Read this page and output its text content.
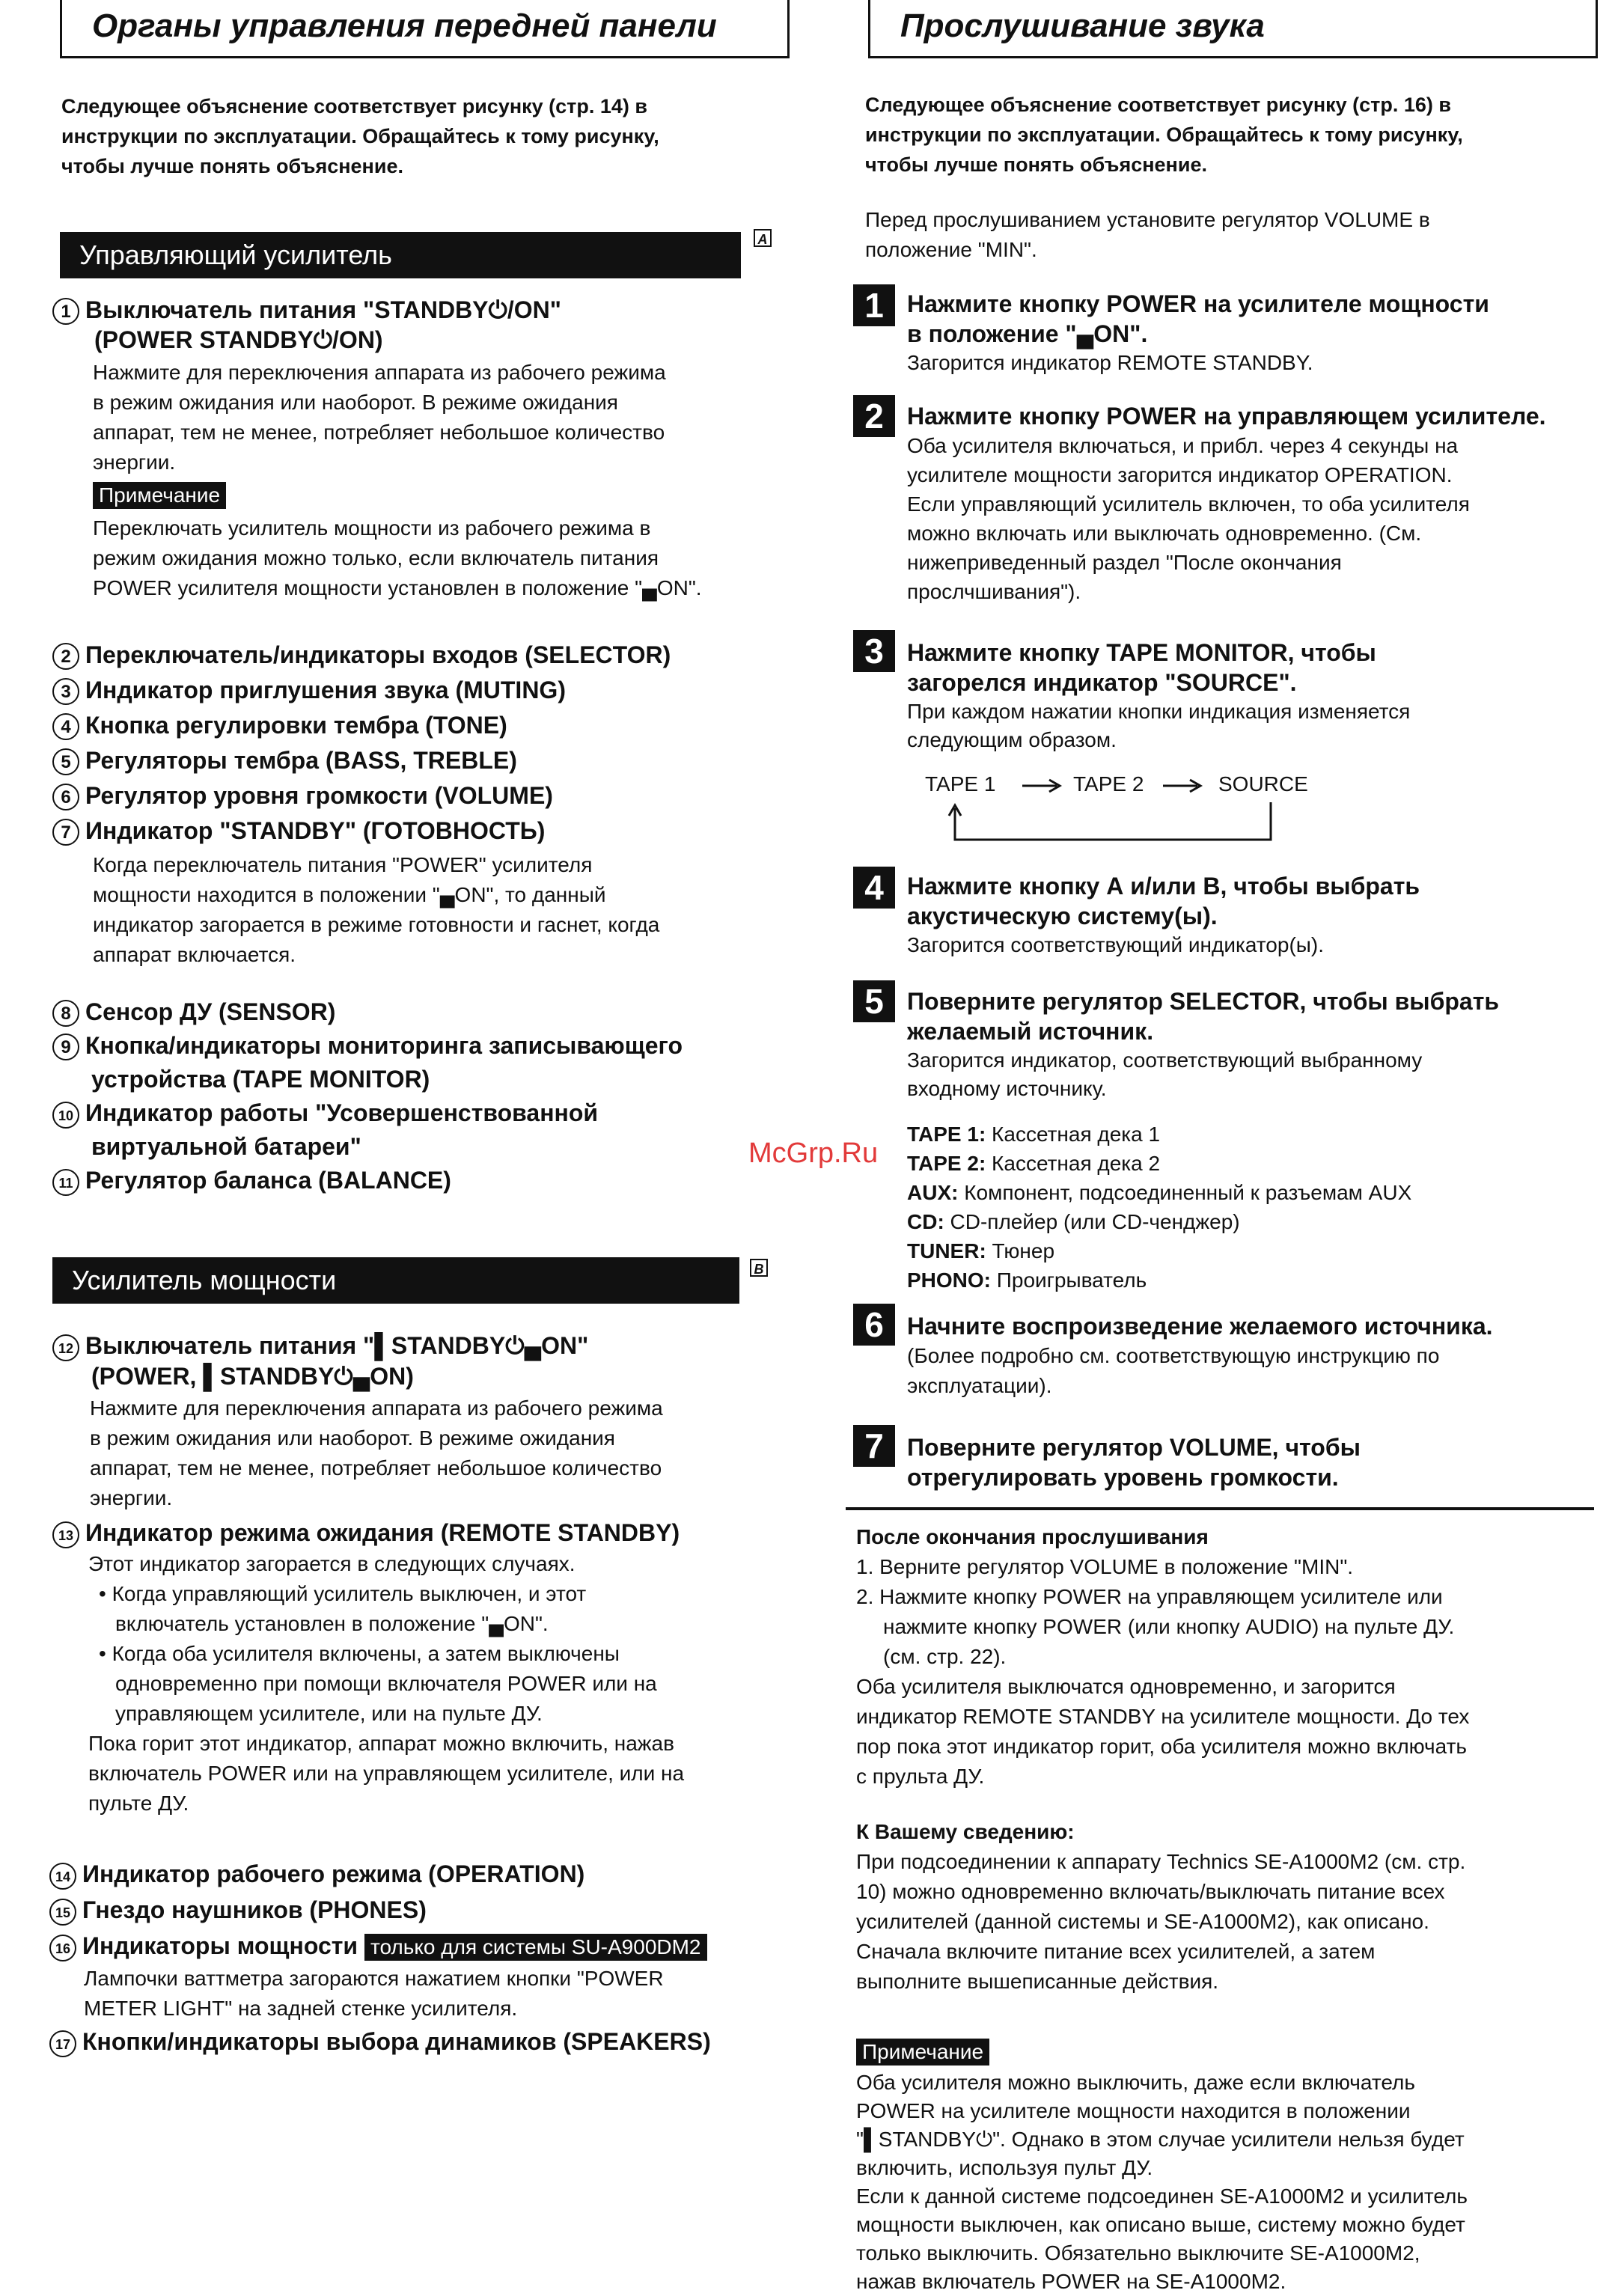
Органы управления передней панели
Следующее объяснение соответствует рисунку (стр. 14) в
инструкции по эксплуатации. Обращайтесь к тому рисунку,
чтобы лучше понять объяснение.
Управляющий усилитель	A
1 Выключатель питания "STANDBY⏻/ON"
(POWER STANDBY⏻/ON)
Нажмите для переключения аппарата из рабочего режима
в режим ожидания или наоборот. В режиме ожидания
аппарат, тем не менее, потребляет небольшое количество
энергии.
Примечание
Переключать усилитель мощности из рабочего режима в
режим ожидания можно только, если включатель питания
POWER усилителя мощности установлен в положение "▄ON".
2 Переключатель/индикаторы входов (SELECTOR)
3 Индикатор приглушения звука (MUTING)
4 Кнопка регулировки тембра (TONE)
5 Регуляторы тембра (BASS, TREBLE)
6 Регулятор уровня громкости (VOLUME)
7 Индикатор "STANDBY" (ГОТОВНОСТЬ)
Когда переключатель питания "POWER" усилителя
мощности находится в положении "▄ON", то данный
индикатор загорается в режиме готовности и гаснет, когда
аппарат включается.
8 Сенсор ДУ (SENSOR)
9 Кнопка/индикаторы мониторинга записывающего
устройства (TAPE MONITOR)
10 Индикатор работы "Усовершенствованной
виртуальной батареи"
11 Регулятор баланса (BALANCE)
Усилитель мощности	B
12 Выключатель питания "▌STANDBY⏻▄ON"
(POWER, ▌STANDBY⏻▄ON)
Нажмите для переключения аппарата из рабочего режима
в режим ожидания или наоборот. В режиме ожидания
аппарат, тем не менее, потребляет небольшое количество
энергии.
13 Индикатор режима ожидания (REMOTE STANDBY)
Этот индикатор загорается в следующих случаях.
• Когда управляющий усилитель выключен, и этот
включатель установлен в положение "▄ON".
• Когда оба усилителя включены, а затем выключены
одновременно при помощи включателя POWER или на
управляющем усилителе, или на пульте ДУ.
Пока горит этот индикатор, аппарат можно включить, нажав
включатель POWER или на управляющем усилителе, или на
пульте ДУ.
14 Индикатор рабочего режима (OPERATION)
15 Гнездо наушников (PHONES)
16 Индикаторы мощности только для системы SU-A900DM2
Лампочки ваттметра загораются нажатием кнопки "POWER
METER LIGHT" на задней стенке усилителя.
17 Кнопки/индикаторы выбора динамиков (SPEAKERS)
McGrp.Ru
Прослушивание звука
Следующее объяснение соответствует рисунку (стр. 16) в
инструкции по эксплуатации. Обращайтесь к тому рисунку,
чтобы лучше понять объяснение.
Перед прослушиванием установите регулятор VOLUME в
положение "MIN".
1 Нажмите кнопку POWER на усилителе мощности
в положение "▄ON".
Загорится индикатор REMOTE STANDBY.
2 Нажмите кнопку POWER на управляющем усилителе.
Оба усилителя включаться, и прибл. через 4 секунды на
усилителе мощности загорится индикатор OPERATION.
Если управляющий усилитель включен, то оба усилителя
можно включать или выключать одновременно. (См.
нижеприведенный раздел "После окончания
прослчшивания").
3 Нажмите кнопку TAPE MONITOR, чтобы
загорелся индикатор "SOURCE".
При каждом нажатии кнопки индикация изменяется
следующим образом.
TAPE 1	TAPE 2	SOURCE
4 Нажмите кнопку А и/или В, чтобы выбрать
акустическую систему(ы).
Загорится соответствующий индикатор(ы).
5 Поверните регулятор SELECTOR, чтобы выбрать
желаемый источник.
Загорится индикатор, соответствующий выбранному
входному источнику.
TAPE 1: Кассетная дека 1
TAPE 2: Кассетная дека 2
AUX: Компонент, подсоединенный к разъемам AUX
CD: CD-плейер (или CD-ченджер)
TUNER: Тюнер
PHONO: Проигрыватель
6 Начните воспроизведение желаемого источника.
(Более подробно см. соответствующую инструкцию по
эксплуатации).
7 Поверните регулятор VOLUME, чтобы
отрегулировать уровень громкости.
После окончания прослушивания
1. Верните регулятор VOLUME в положение "MIN".
2. Нажмите кнопку POWER на управляющем усилителе или
нажмите кнопку POWER (или кнопку AUDIO) на пульте ДУ.
(см. стр. 22).
Оба усилителя выключатся одновременно, и загорится
индикатор REMOTE STANDBY на усилителе мощности. До тех
пор пока этот индикатор горит, оба усилителя можно включать
с прульта ДУ.
К Вашему сведению:
При подсоединении к аппарату Technics SE-A1000M2 (см. стр.
10) можно одновременно включать/выключать питание всех
усилителей (данной системы и SE-A1000M2), как описано.
Сначала включите питание всех усилителей, а затем
выполните вышеписанные действия.
Примечание
Оба усилителя можно выключить, даже если включатель
POWER на усилителе мощности находится в положении
"▌STANDBY⏻". Однако в этом случае усилители нельзя будет
включить, используя пульт ДУ.
Если к данной системе подсоединен SE-A1000M2 и усилитель
мощности выключен, как описано выше, систему можно будет
только выключить. Обязательно выключите SE-A1000M2,
нажав включатель POWER на SE-A1000M2.
